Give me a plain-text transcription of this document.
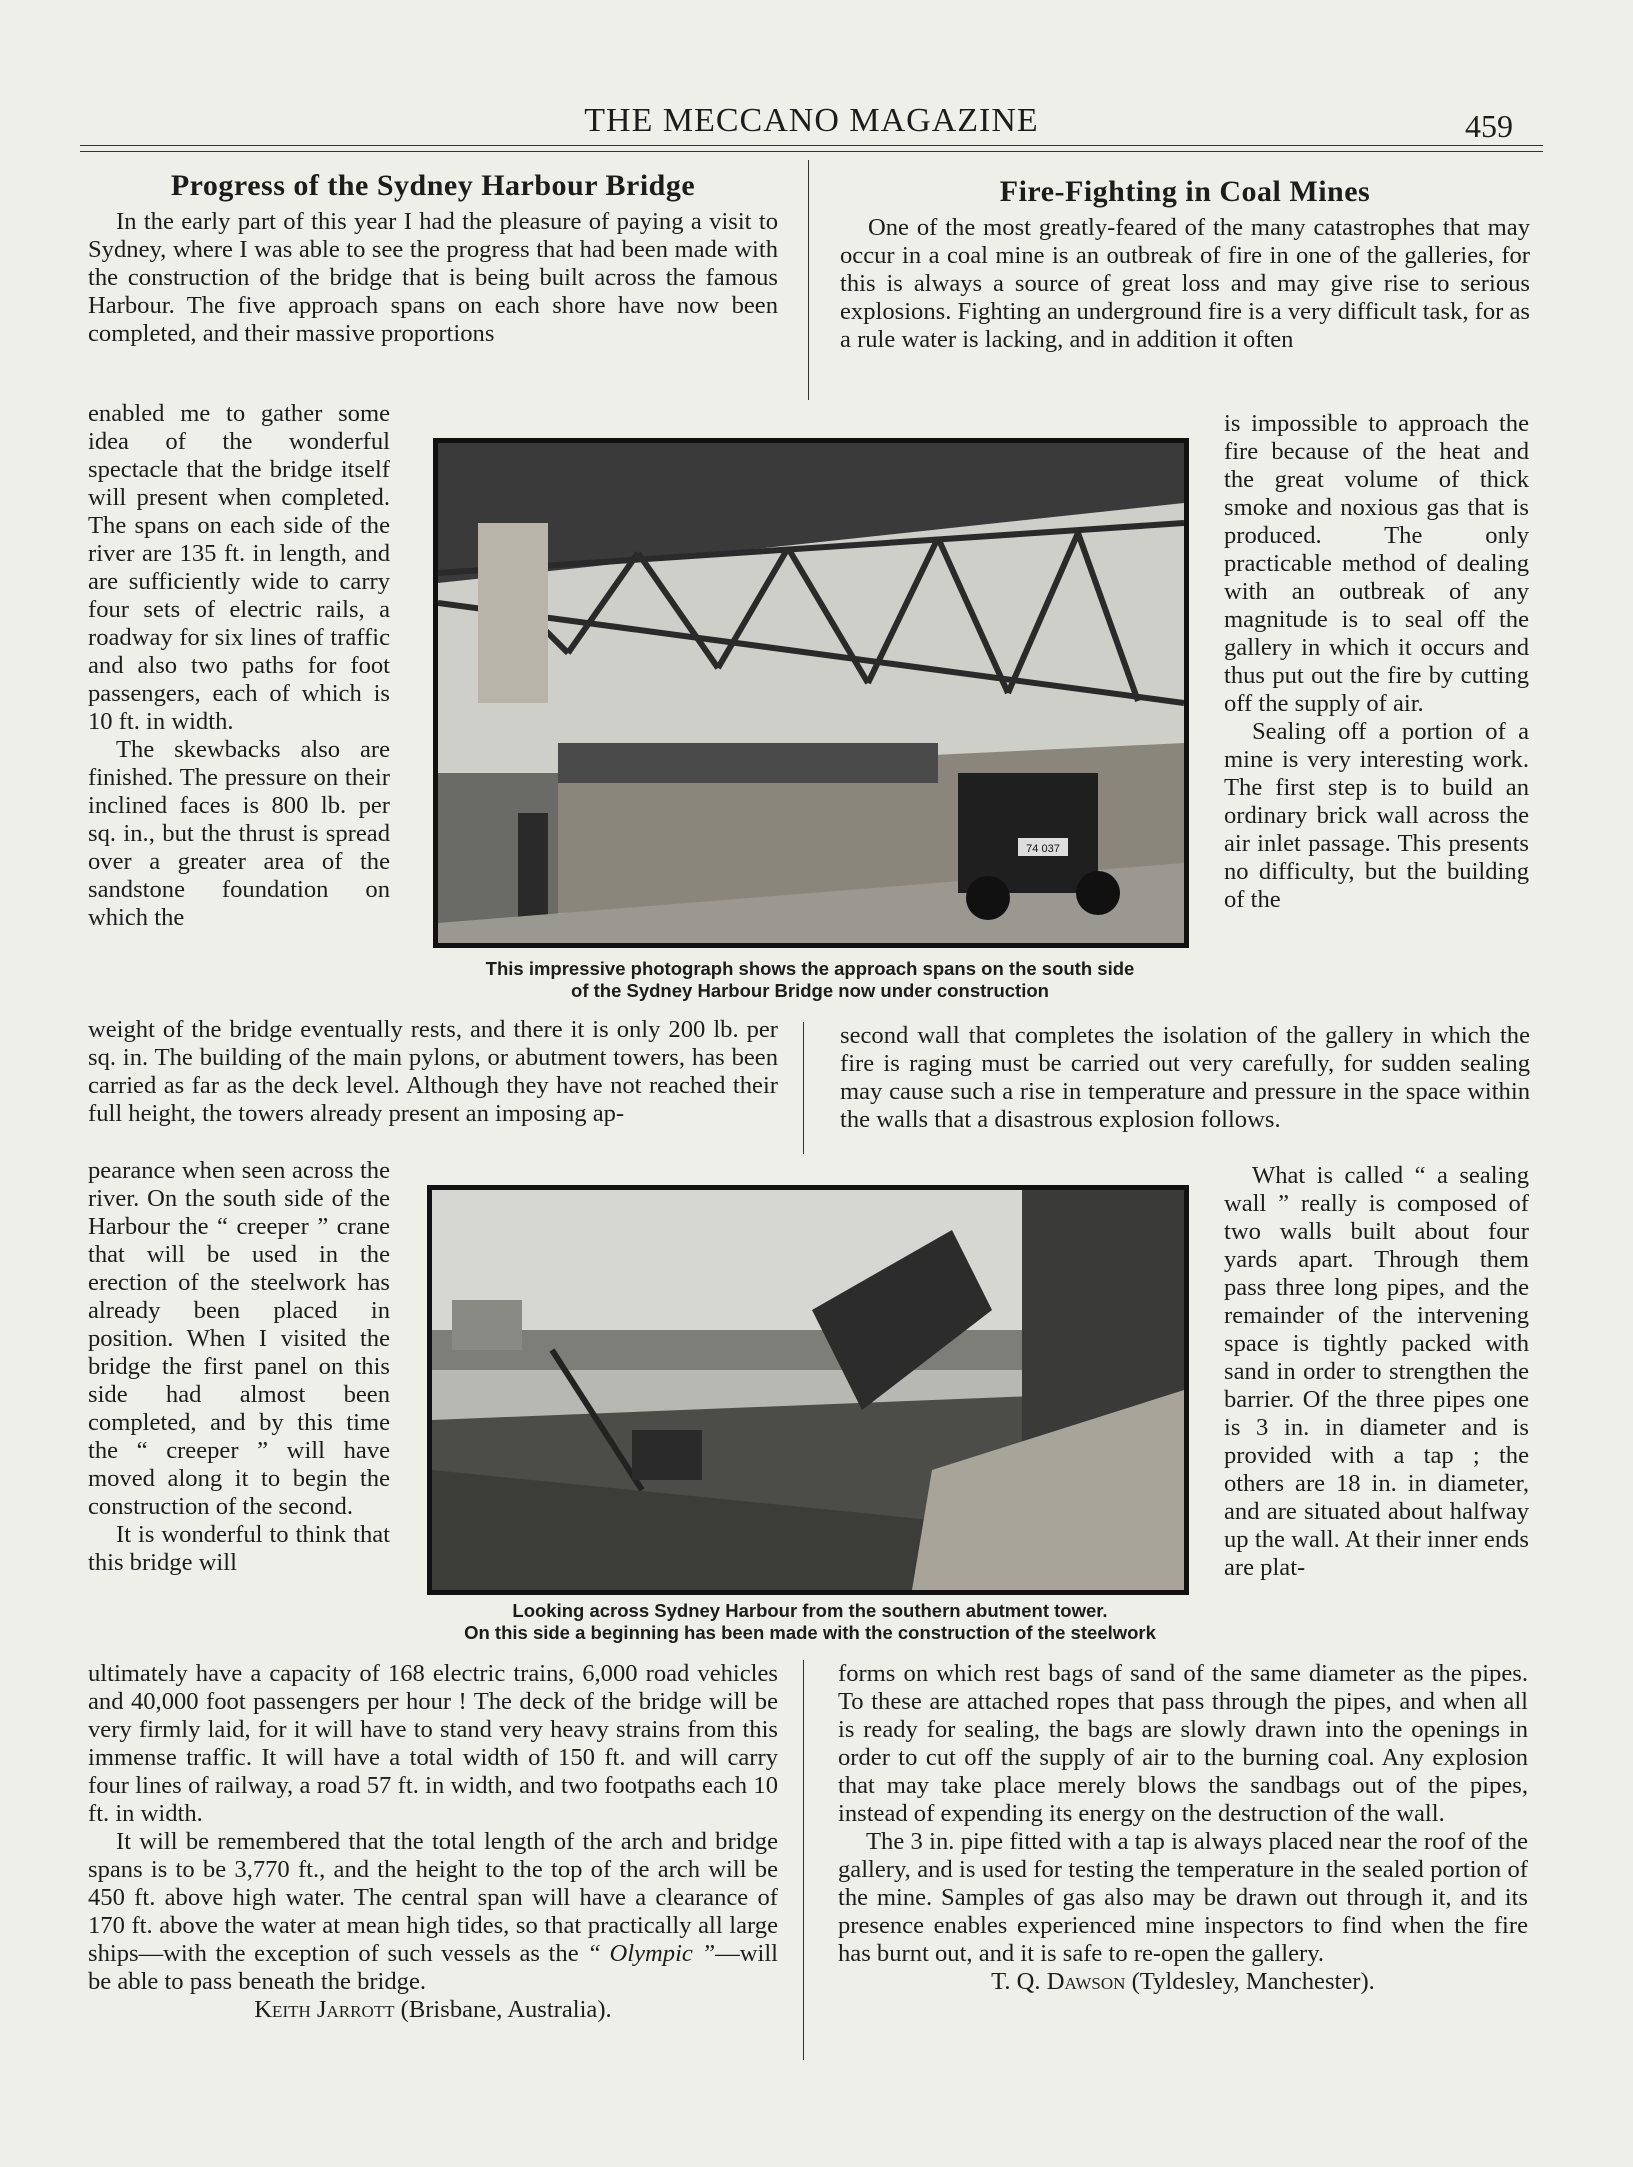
THE MECCANO MAGAZINE	459
Progress of the Sydney Harbour Bridge

In the early part of this year I had the pleasure of paying a visit to Sydney, where I was able to see the progress that had been made with the construction of the bridge that is being built across the famous Harbour. The five approach spans on each shore have now been completed, and their massive proportions

enabled me to gather some idea of the wonderful spectacle that the bridge itself will present when completed. The spans on each side of the river are 135 ft. in length, and are sufficiently wide to carry four sets of electric rails, a roadway for six lines of traffic and also two paths for foot passengers, each of which is 10 ft. in width.

The skewbacks also are finished. The pressure on their inclined faces is 800 lb. per sq. in., but the thrust is spread over a greater area of the sandstone foundation on which the

weight of the bridge eventually rests, and there it is only 200 lb. per sq. in. The building of the main pylons, or abutment towers, has been carried as far as the deck level. Although they have not reached their full height, the towers already present an imposing ap-

pearance when seen across the river. On the south side of the Harbour the “ creeper ” crane that will be used in the erection of the steelwork has already been placed in position. When I visited the bridge the first panel on this side had almost been completed, and by this time the “ creeper ” will have moved along it to begin the construction of the second.

It is wonderful to think that this bridge will

ultimately have a capacity of 168 electric trains, 6,000 road vehicles and 40,000 foot passengers per hour ! The deck of the bridge will be very firmly laid, for it will have to stand very heavy strains from this immense traffic. It will have a total width of 150 ft. and will carry four lines of railway, a road 57 ft. in width, and two footpaths each 10 ft. in width.

It will be remembered that the total length of the arch and bridge spans is to be 3,770 ft., and the height to the top of the arch will be 450 ft. above high water. The central span will have a clearance of 170 ft. above the water at mean high tides, so that practically all large ships—with the exception of such vessels as the “ Olympic ”—will be able to pass beneath the bridge.

Keith Jarrott (Brisbane, Australia).

Fire-Fighting in Coal Mines

One of the most greatly-feared of the many catastrophes that may occur in a coal mine is an outbreak of fire in one of the galleries, for this is always a source of great loss and may give rise to serious explosions. Fighting an underground fire is a very difficult task, for as a rule water is lacking, and in addition it often

is impossible to approach the fire because of the heat and the great volume of thick smoke and noxious gas that is produced. The only practicable method of dealing with an outbreak of any magnitude is to seal off the gallery in which it occurs and thus put out the fire by cutting off the supply of air.

Sealing off a portion of a mine is very interesting work. The first step is to build an ordinary brick wall across the air inlet passage. This presents no difficulty, but the building of the

second wall that completes the isolation of the gallery in which the fire is raging must be carried out very carefully, for sudden sealing may cause such a rise in temperature and pressure in the space within the walls that a disastrous explosion follows.

What is called “ a sealing wall ” really is composed of two walls built about four yards apart. Through them pass three long pipes, and the remainder of the intervening space is tightly packed with sand in order to strengthen the barrier. Of the three pipes one is 3 in. in diameter and is provided with a tap ; the others are 18 in. in diameter, and are situated about halfway up the wall. At their inner ends are plat-

forms on which rest bags of sand of the same diameter as the pipes. To these are attached ropes that pass through the pipes, and when all is ready for sealing, the bags are slowly drawn into the openings in order to cut off the supply of air to the burning coal. Any explosion that may take place merely blows the sandbags out of the pipes, instead of expending its energy on the destruction of the wall.

The 3 in. pipe fitted with a tap is always placed near the roof of the gallery, and is used for testing the temperature in the sealed portion of the mine. Samples of gas also may be drawn out through it, and its presence enables experienced mine inspectors to find when the fire has burnt out, and it is safe to re-open the gallery.

T. Q. Dawson (Tyldesley, Manchester).

74 037
This impressive photograph shows the approach spans on the south side
of the Sydney Harbour Bridge now under construction
Looking across Sydney Harbour from the southern abutment tower.
On this side a beginning has been made with the construction of the steelwork
